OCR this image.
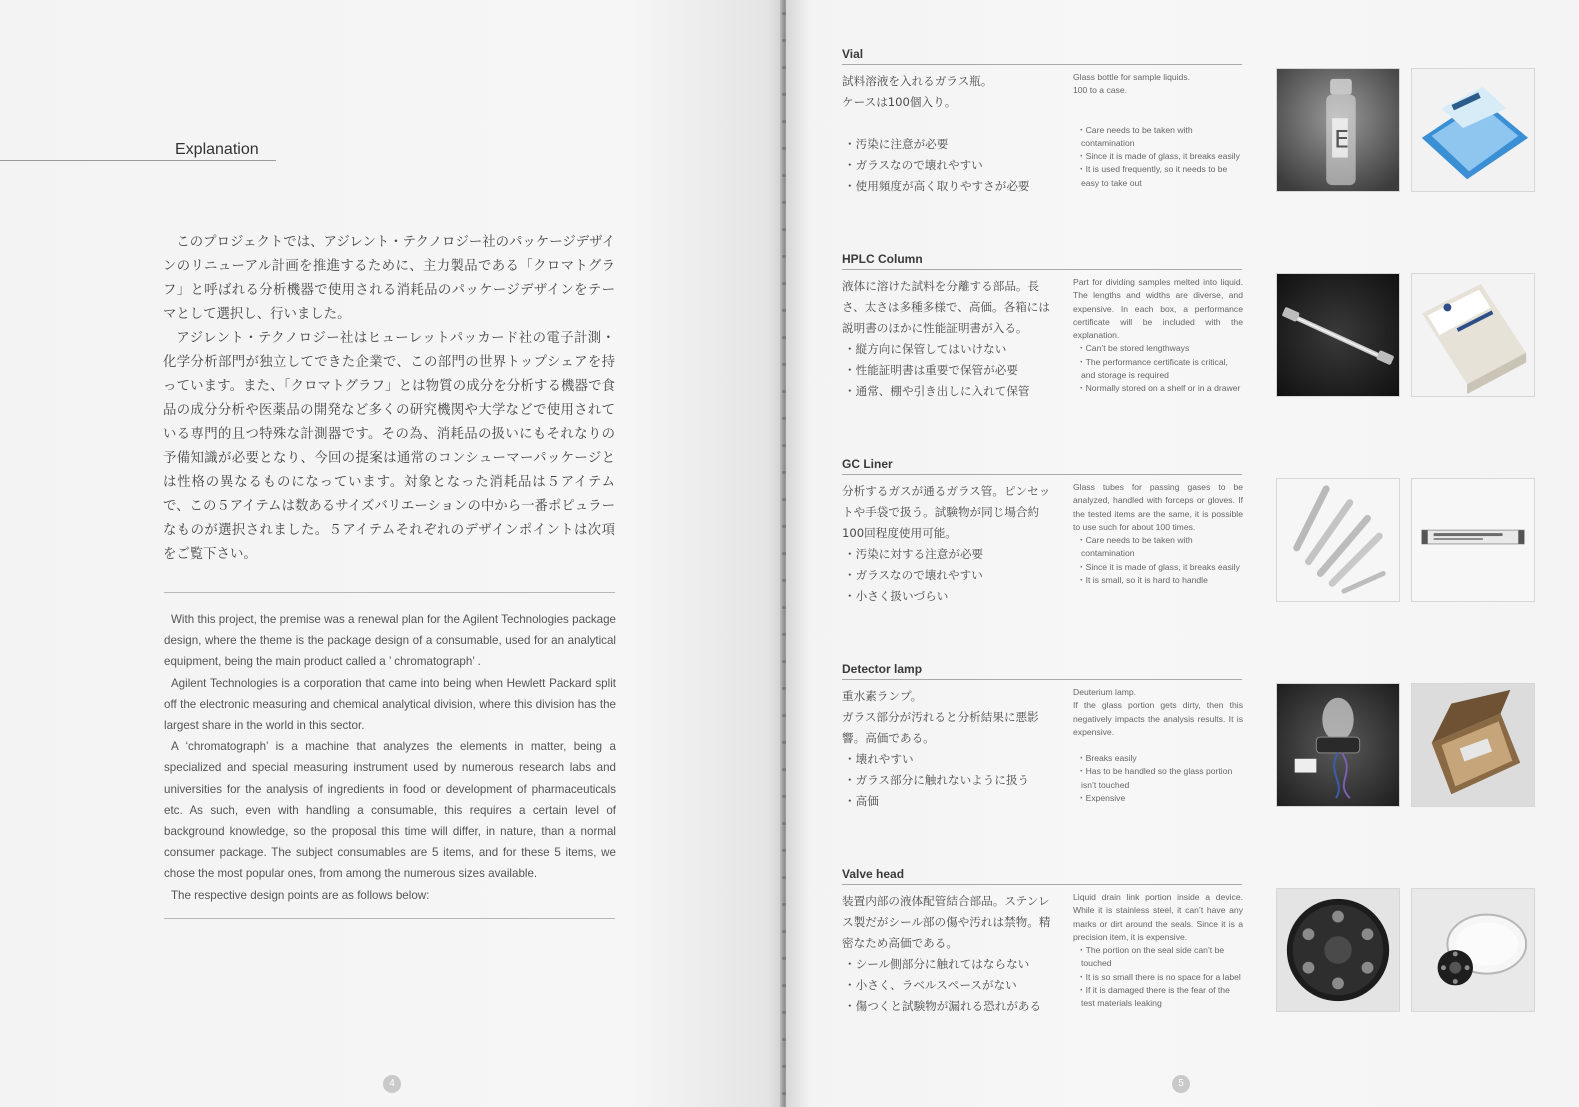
Explanation

このプロジェクトでは、アジレント・テクノロジー社のパッケージデザインのリニューアル計画を推進するために、主力製品である「クロマトグラフ」と呼ばれる分析機器で使用される消耗品のパッケージデザインをテーマとして選択し、行いました。

アジレント・テクノロジー社はヒューレットパッカード社の電子計測・化学分析部門が独立してできた企業で、この部門の世界トップシェアを持っています。また、「クロマトグラフ」とは物質の成分を分析する機器で食品の成分分析や医薬品の開発など多くの研究機関や大学などで使用されている専門的且つ特殊な計測器です。その為、消耗品の扱いにもそれなりの予備知識が必要となり、今回の提案は通常のコンシューマーパッケージとは性格の異なるものになっています。対象となった消耗品は５アイテムで、この５アイテムは数あるサイズバリエーションの中から一番ポピュラーなものが選択されました。５アイテムそれぞれのデザインポイントは次項をご覧下さい。

With this project, the premise was a renewal plan for the Agilent Technologies package design, where the theme is the package design of a consumable, used for an analytical equipment, being the main product called a ’ chromatograph’ .

Agilent Technologies is a corporation that came into being when Hewlett Packard split off the electronic measuring and chemical analytical division, where this division has the largest share in the world in this sector.

A ‘chromatograph’ is a machine that analyzes the elements in matter, being a specialized and special measuring instrument used by numerous research labs and universities for the analysis of ingredients in food or development of pharmaceuticals etc. As such, even with handling a consumable, this requires a certain level of background knowledge, so the proposal this time will differ, in nature, than a normal consumer package. The subject consumables are 5 items, and for these 5 items, we chose the most popular ones, from among the numerous sizes available.

The respective design points are as follows below:

4	5
Vial
試料溶液を入れるガラス瓶。
ケースは100個入り。
・汚染に注意が必要
・ガラスなので壊れやすい
・使用頻度が高く取りやすさが必要
Glass bottle for sample liquids.
100 to a case.
・Care needs to be taken with contamination
・Since it is made of glass, it breaks easily
・It is used frequently, so it needs to be easy to take out
E
HPLC Column
液体に溶けた試料を分離する部品。長さ、太さは多種多様で、高価。各箱には説明書のほかに性能証明書が入る。
・縦方向に保管してはいけない
・性能証明書は重要で保管が必要
・通常、棚や引き出しに入れて保管
Part for dividing samples melted into liquid. The lengths and widths are diverse, and expensive. In each box, a performance certificate will be included with the explanation.
・Can’t be stored lengthways
・The performance certificate is critical, and storage is required
・Normally stored on a shelf or in a drawer
GC Liner
分析するガスが通るガラス管。ピンセットや手袋で扱う。試験物が同じ場合約100回程度使用可能。
・汚染に対する注意が必要
・ガラスなので壊れやすい
・小さく扱いづらい
Glass tubes for passing gases to be analyzed, handled with forceps or gloves. If the tested items are the same, it is possible to use such for about 100 times.
・Care needs to be taken with contamination
・Since it is made of glass, it breaks easily
・It is small, so it is hard to handle
Detector lamp
重水素ランプ。
ガラス部分が汚れると分析結果に悪影響。高価である。
・壊れやすい
・ガラス部分に触れないように扱う
・高価
Deuterium lamp.
If the glass portion gets dirty, then this negatively impacts the analysis results. It is expensive.
・Breaks easily
・Has to be handled so the glass portion isn’t touched
・Expensive
Valve head
装置内部の液体配管結合部品。ステンレス製だがシール部の傷や汚れは禁物。精密なため高価である。
・シール側部分に触れてはならない
・小さく、ラベルスペースがない
・傷つくと試験物が漏れる恐れがある
Liquid drain link portion inside a device. While it is stainless steel, it can’t have any marks or dirt around the seals. Since it is a precision item, it is expensive.
・The portion on the seal side can’t be touched
・It is so small there is no space for a label
・If it is damaged there is the fear of the test materials leaking
